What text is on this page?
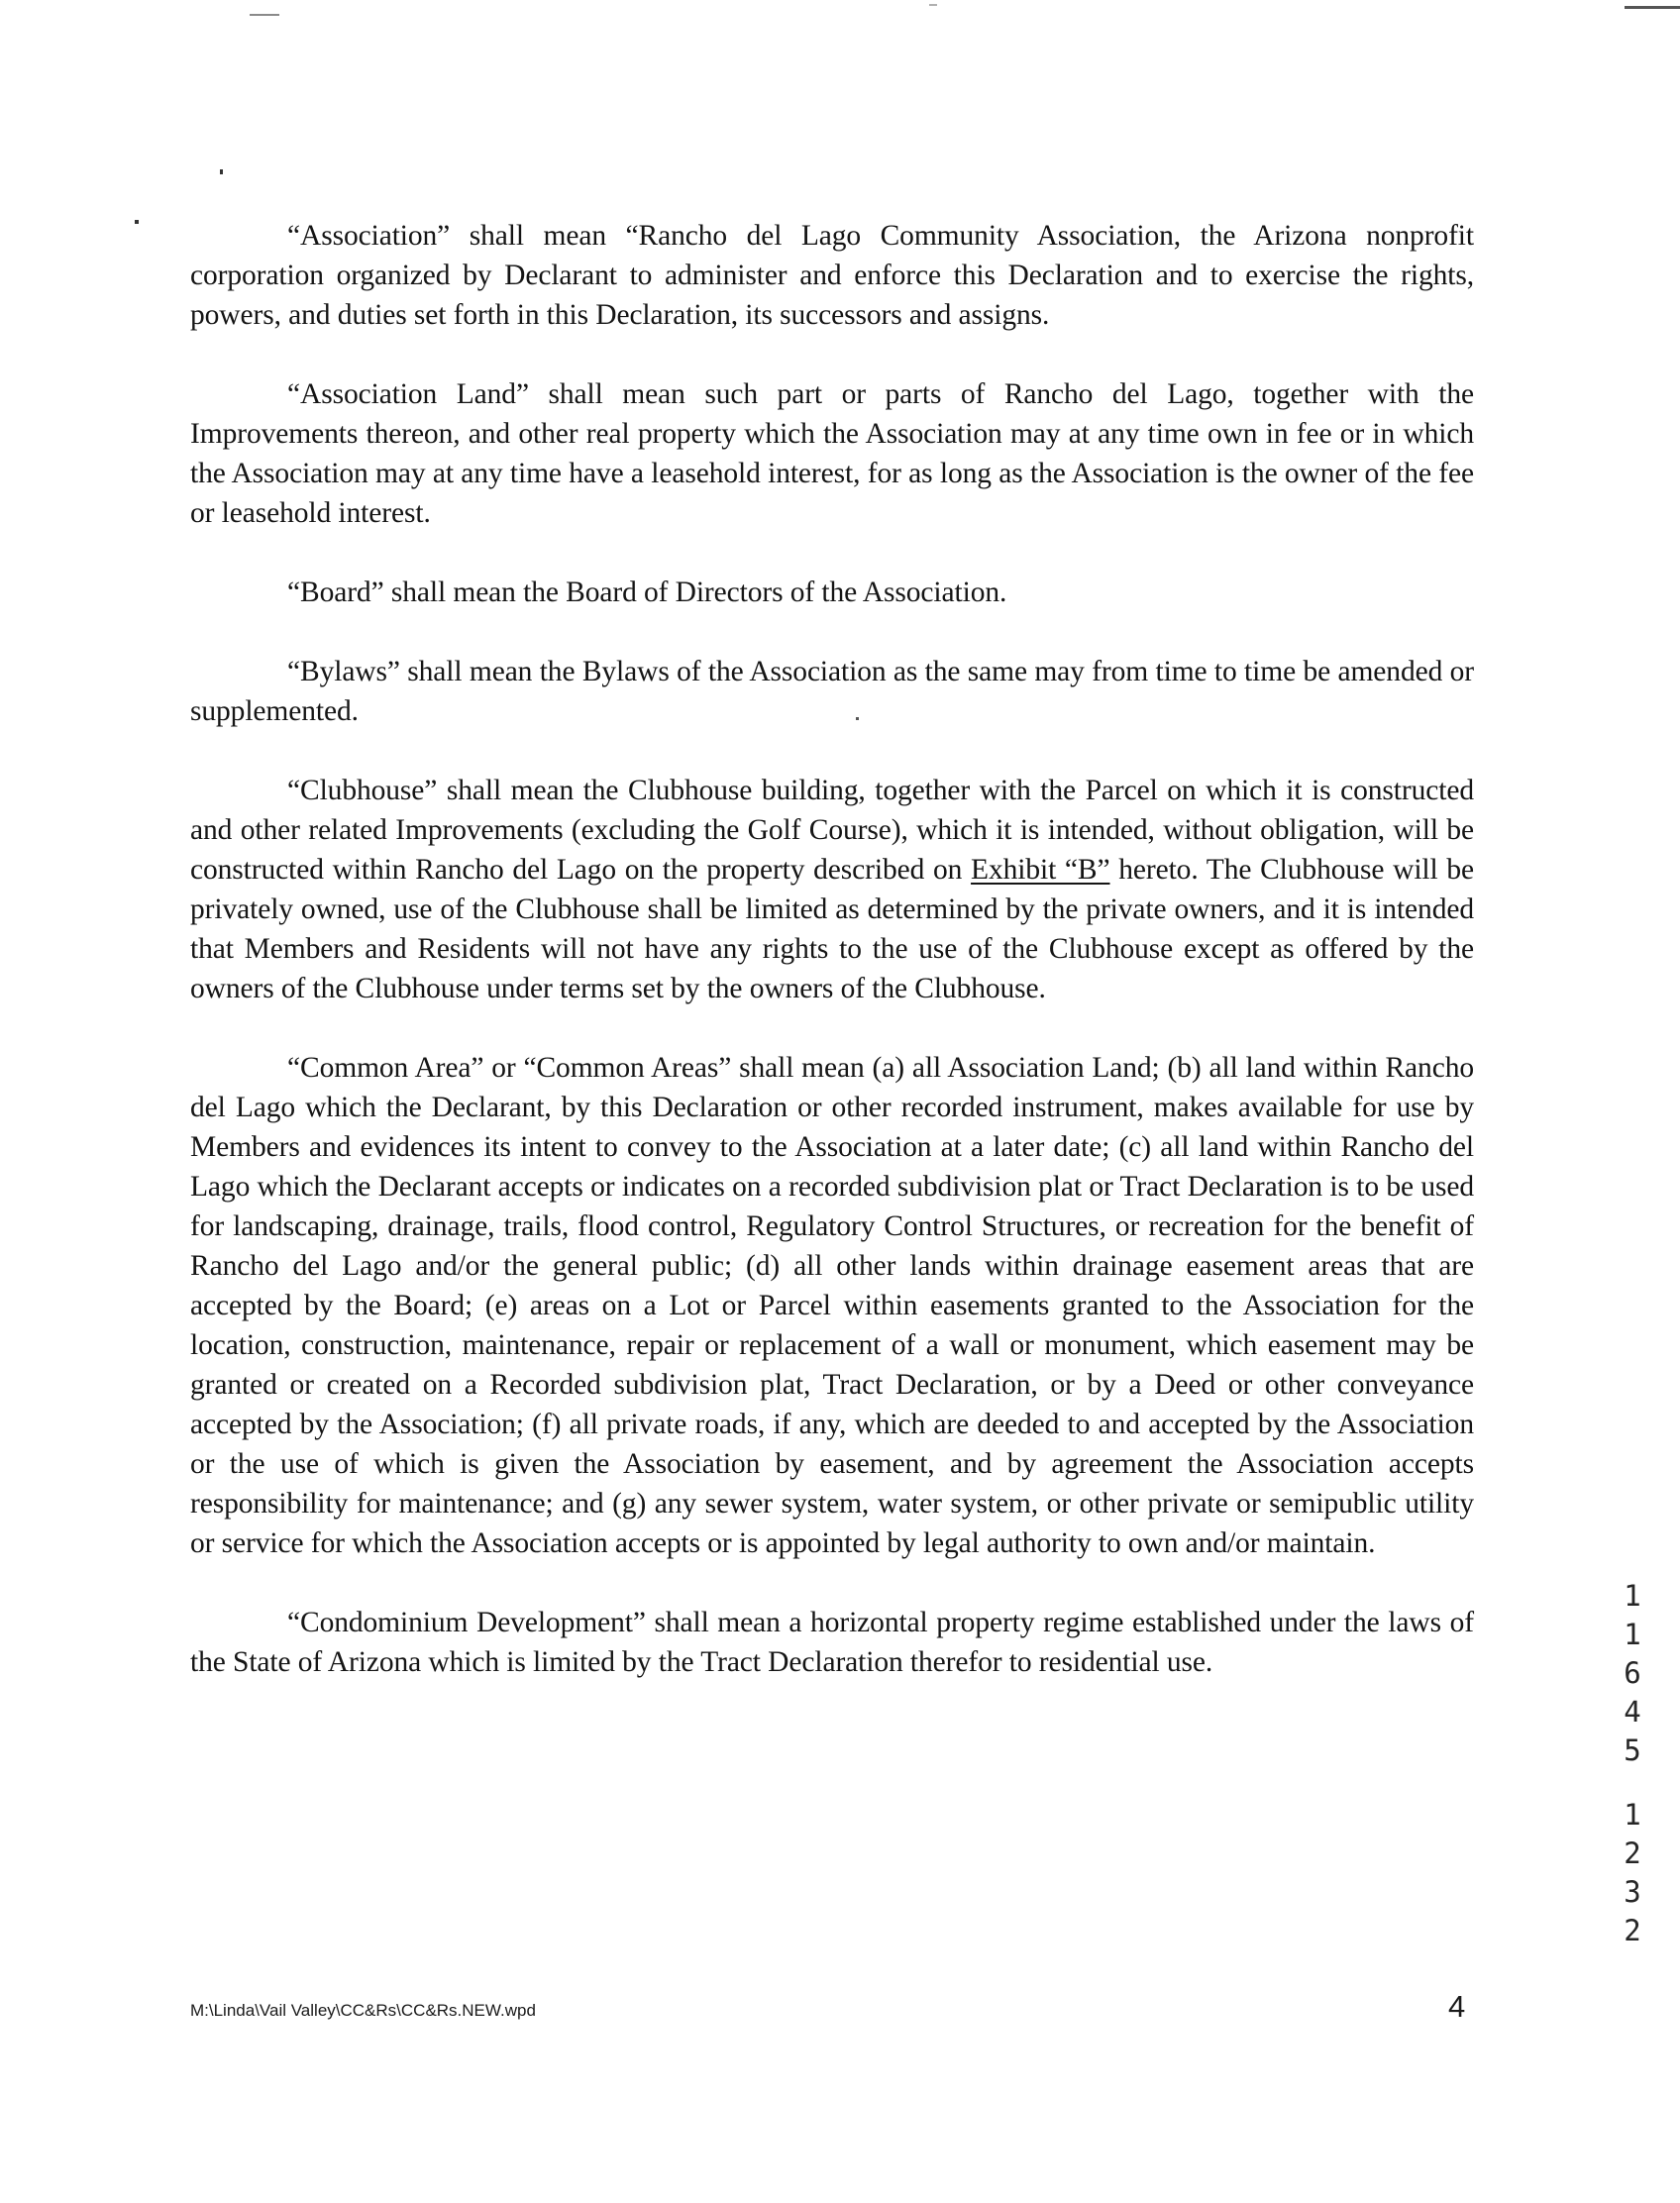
“Association” shall mean “Rancho del Lago Community Association, the Arizona nonprofit corporation organized by Declarant to administer and enforce this Declaration and to exercise the rights, powers, and duties set forth in this Declaration, its successors and assigns.

“Association Land” shall mean such part or parts of Rancho del Lago, together with the Improvements thereon, and other real property which the Association may at any time own in fee or in which the Association may at any time have a leasehold interest, for as long as the Association is the owner of the fee or leasehold interest.

“Board” shall mean the Board of Directors of the Association.

“Bylaws” shall mean the Bylaws of the Association as the same may from time to time be amended or supplemented.

“Clubhouse” shall mean the Clubhouse building, together with the Parcel on which it is constructed and other related Improvements (excluding the Golf Course), which it is intended, without obligation, will be constructed within Rancho del Lago on the property described on Exhibit “B” hereto. The Clubhouse will be privately owned, use of the Clubhouse shall be limited as determined by the private owners, and it is intended that Members and Residents will not have any rights to the use of the Clubhouse except as offered by the owners of the Clubhouse under terms set by the owners of the Clubhouse.

“Common Area” or “Common Areas” shall mean (a) all Association Land; (b) all land within Rancho del Lago which the Declarant, by this Declaration or other recorded instrument, makes available for use by Members and evidences its intent to convey to the Association at a later date; (c) all land within Rancho del Lago which the Declarant accepts or indicates on a recorded subdivision plat or Tract Declaration is to be used for landscaping, drainage, trails, flood control, Regulatory Control Structures, or recreation for the benefit of Rancho del Lago and/or the general public; (d) all other lands within drainage easement areas that are accepted by the Board; (e) areas on a Lot or Parcel within easements granted to the Association for the location, construction, maintenance, repair or replacement of a wall or monument, which easement may be granted or created on a Recorded subdivision plat, Tract Declaration, or by a Deed or other conveyance accepted by the Association; (f) all private roads, if any, which are deeded to and accepted by the Association or the use of which is given the Association by easement, and by agreement the Association accepts responsibility for maintenance; and (g) any sewer system, water system, or other private or semipublic utility or service for which the Association accepts or is appointed by legal authority to own and/or maintain.

“Condominium Development” shall mean a horizontal property regime established under the laws of the State of Arizona which is limited by the Tract Declaration therefor to residential use.

1
1
6
4
5
1
2
3
2
M:\Linda\Vail Valley\CC&Rs\CC&Rs.NEW.wpd	4
